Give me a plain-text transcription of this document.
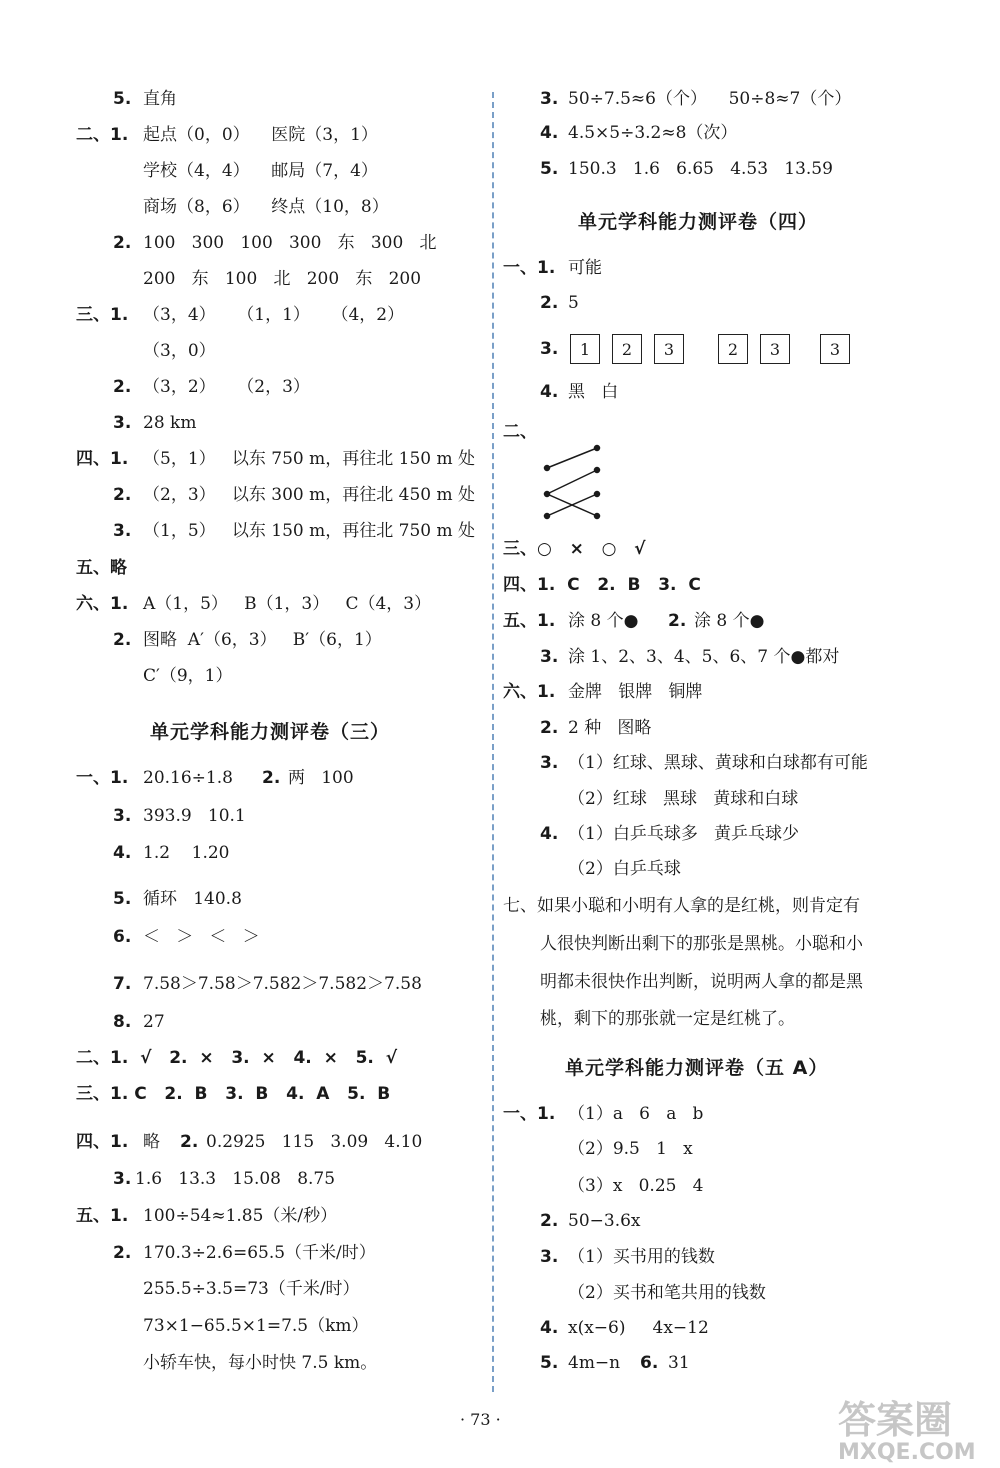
5. 直角
二、1. 起点（0，0）    医院（3，1）
学校（4，4）    邮局（7，4）
商场（8，6）    终点（10，8）
2. 100   300   100   300   东   300   北
200   东   100   北   200   东   200
三、1. （3，4）    （1，1）    （4，2）
（3，0）
2. （3，2）    （2，3）
3. 28 km
四、1. （5，1）   以东 750 m，再往北 150 m 处
2. （2，3）   以东 300 m，再往北 450 m 处
3. （1，5）   以东 150 m，再往北 750 m 处
五、略
六、1. A（1，5）   B（1，3）   C（4，3）
2. 图略  A′（6，3）   B′（6，1）
C′（9，1）
一、1. 20.16÷1.8 2. 两   100
3. 393.9   10.1
4. 1.2    1.20
5. 循环   140.8
6. ＜   ＞   ＜   ＞
7. 7.58＞7.58＞7.582＞7.582＞7.58
8. 27
二、1.  √   2.  ×   3.  ×   4.  ×   5.  √
三、1. C   2.  B   3.  B   4.  A   5.  B
四、1. 略 2. 0.2925   115   3.09   4.10
3. 1.6   13.3   15.08   8.75
五、1. 100÷54≈1.85（米/秒）
2. 170.3÷2.6=65.5（千米/时）
255.5÷3.5=73（千米/时）
73×1−65.5×1=7.5（km）
小轿车快，每小时快 7.5 km。
3. 50÷7.5≈6（个）    50÷8≈7（个）
4. 4.5×5÷3.2≈8（次）
5. 150.3   1.6   6.65   4.53   13.59
一、1. 可能
2. 5
3.
4. 黑   白
二、
三、○   ×   ○   √
四、1.  C   2.  B   3.  C
五、1. 涂 8 个● 2. 涂 8 个●
3. 涂 1、2、3、4、5、6、7 个●都对
六、1. 金牌   银牌   铜牌
2. 2 种   图略
3. （1）红球、黑球、黄球和白球都有可能
（2）红球   黑球   黄球和白球
4. （1）白乒乓球多   黄乒乓球少
（2）白乒乓球
七、如果小聪和小明有人拿的是红桃，则肯定有
人很快判断出剩下的那张是黑桃。小聪和小
明都未很快作出判断，说明两人拿的都是黑
桃，剩下的那张就一定是红桃了。
一、1. （1）a   6   a   b
（2）9.5   1   x
（3）x   0.25   4
2. 50−3.6x
3. （1）买书用的钱数
（2）买书和笔共用的钱数
4. x(x−6)     4x−12
5. 4m−n 6. 31
单元学科能力测评卷（四）
单元学科能力测评卷（三）
单元学科能力测评卷（五 A）
1	2	3	2	3	3
· 73 ·	答案圈
MXQE.COM
